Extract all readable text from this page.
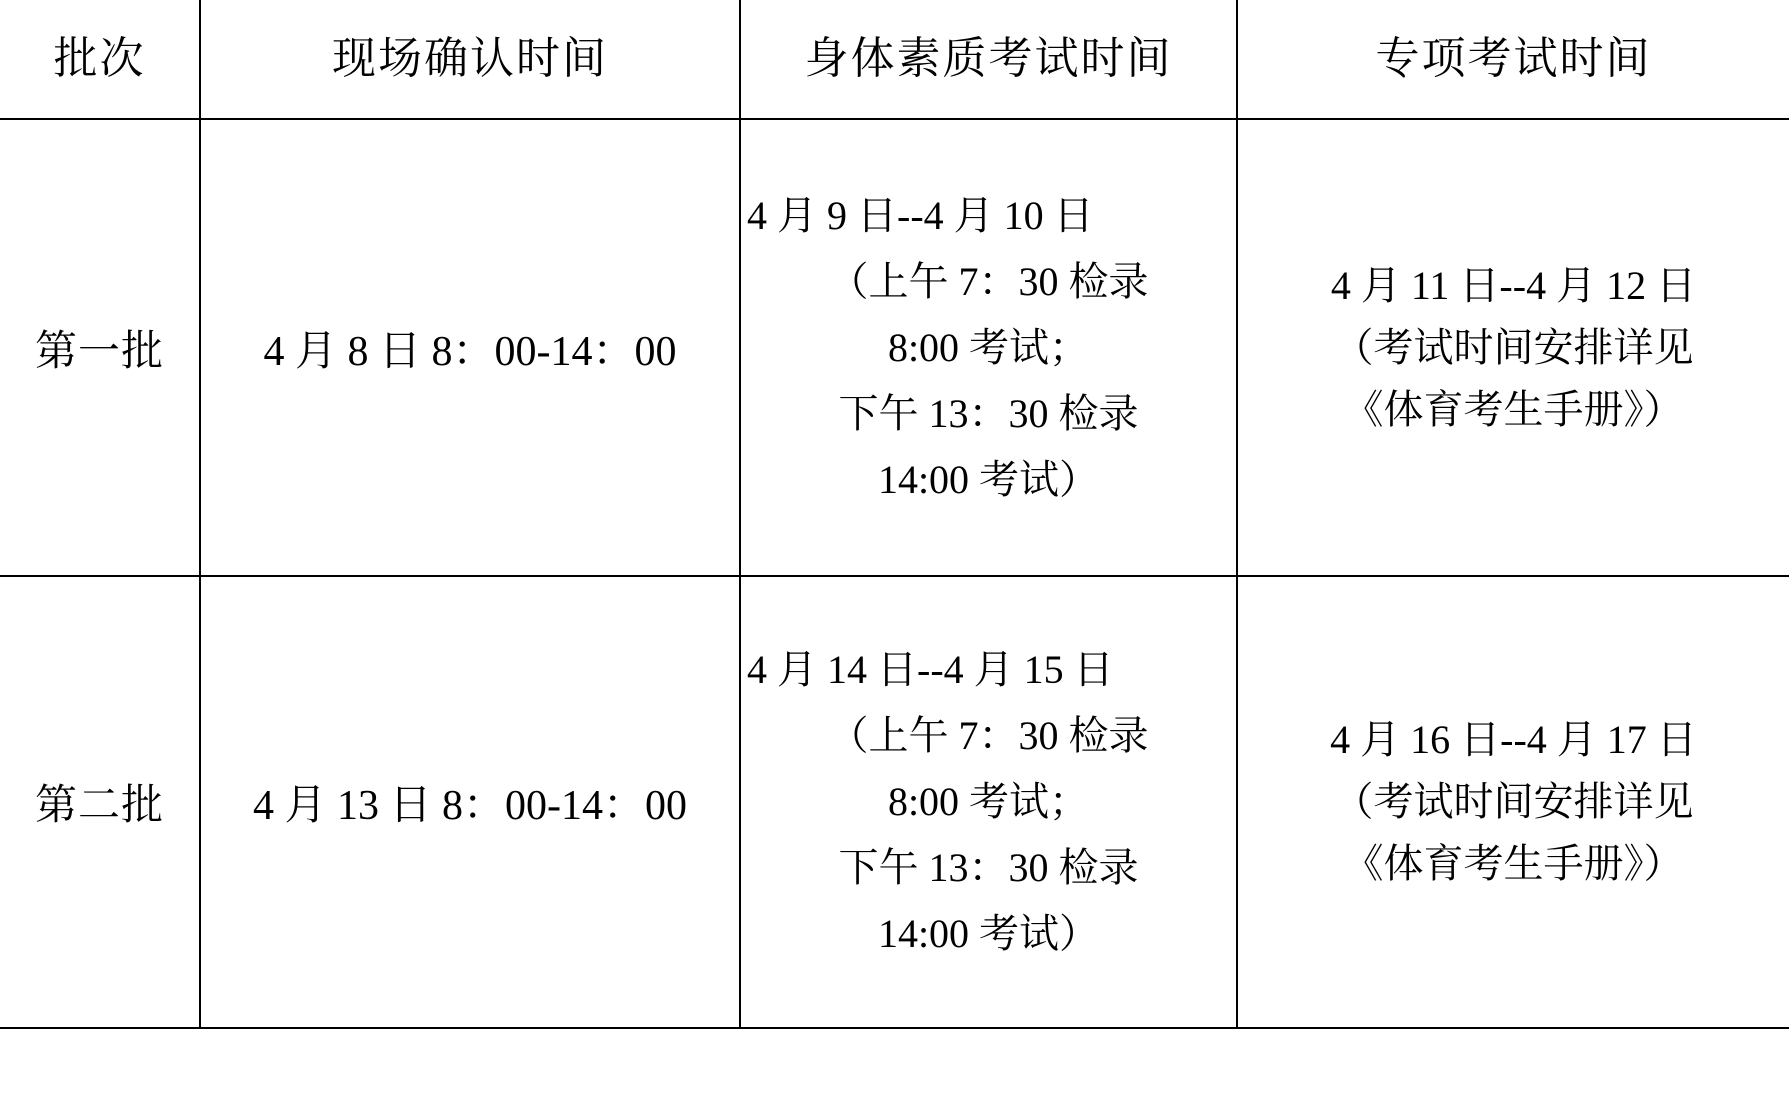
批次	现场确认时间	身体素质考试时间	专项考试时间
第一批	4 月 8 日 8：00-14：00	4 月 9 日--4 月 10 日
（上午 7：30 检录
8:00 考试；
下午 13：30 检录
14:00 考试）	4 月 11 日--4 月 12 日
（考试时间安排详见
《体育考生手册》）

第二批	4 月 13 日 8：00-14：00	4 月 14 日--4 月 15 日
（上午 7：30 检录
8:00 考试；
下午 13：30 检录
14:00 考试）	4 月 16 日--4 月 17 日
（考试时间安排详见
《体育考生手册》）
